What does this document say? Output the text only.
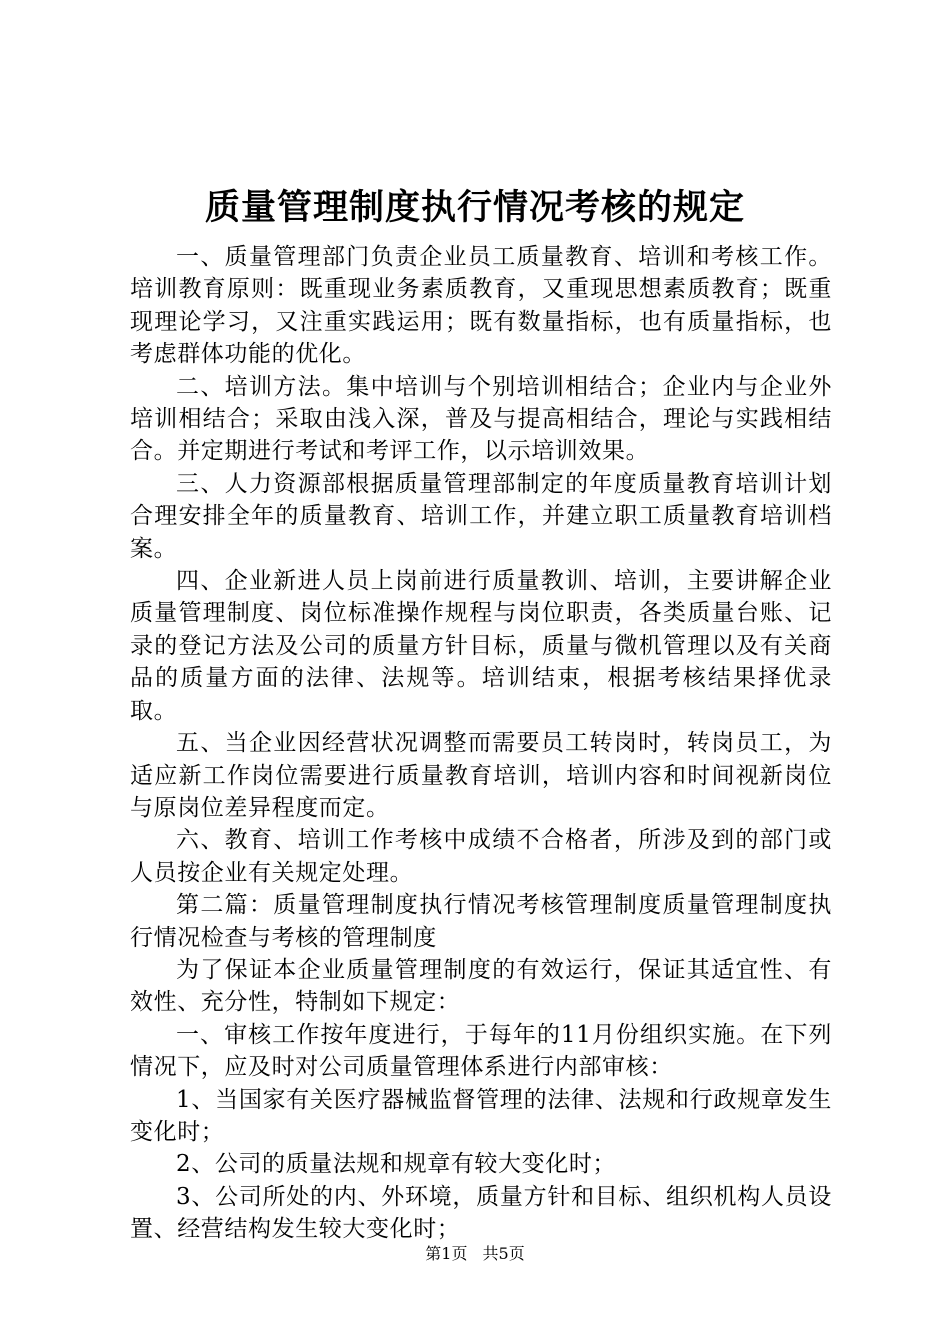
质量管理制度执行情况考核的规定

一、质量管理部门负责企业员工质量教育、培训和考核工作。培训教育原则：既重现业务素质教育，又重现思想素质教育；既重现理论学习，又注重实践运用；既有数量指标，也有质量指标，也考虑群体功能的优化。

二、培训方法。集中培训与个别培训相结合；企业内与企业外培训相结合；采取由浅入深，普及与提高相结合，理论与实践相结合。并定期进行考试和考评工作，以示培训效果。

三、人力资源部根据质量管理部制定的年度质量教育培训计划合理安排全年的质量教育、培训工作，并建立职工质量教育培训档案。

四、企业新进人员上岗前进行质量教训、培训，主要讲解企业质量管理制度、岗位标准操作规程与岗位职责，各类质量台账、记录的登记方法及公司的质量方针目标，质量与微机管理以及有关商品的质量方面的法律、法规等。培训结束，根据考核结果择优录取。

五、当企业因经营状况调整而需要员工转岗时，转岗员工，为适应新工作岗位需要进行质量教育培训，培训内容和时间视新岗位与原岗位差异程度而定。

六、教育、培训工作考核中成绩不合格者，所涉及到的部门或人员按企业有关规定处理。

第二篇：质量管理制度执行情况考核管理制度质量管理制度执行情况检查与考核的管理制度

为了保证本企业质量管理制度的有效运行，保证其适宜性、有效性、充分性，特制如下规定：

一、审核工作按年度进行，于每年的11月份组织实施。在下列情况下，应及时对公司质量管理体系进行内部审核：

1、当国家有关医疗器械监督管理的法律、法规和行政规章发生变化时；

2、公司的质量法规和规章有较大变化时；

3、公司所处的内、外环境，质量方针和目标、组织机构人员设置、经营结构发生较大变化时；

第1页 共5页
